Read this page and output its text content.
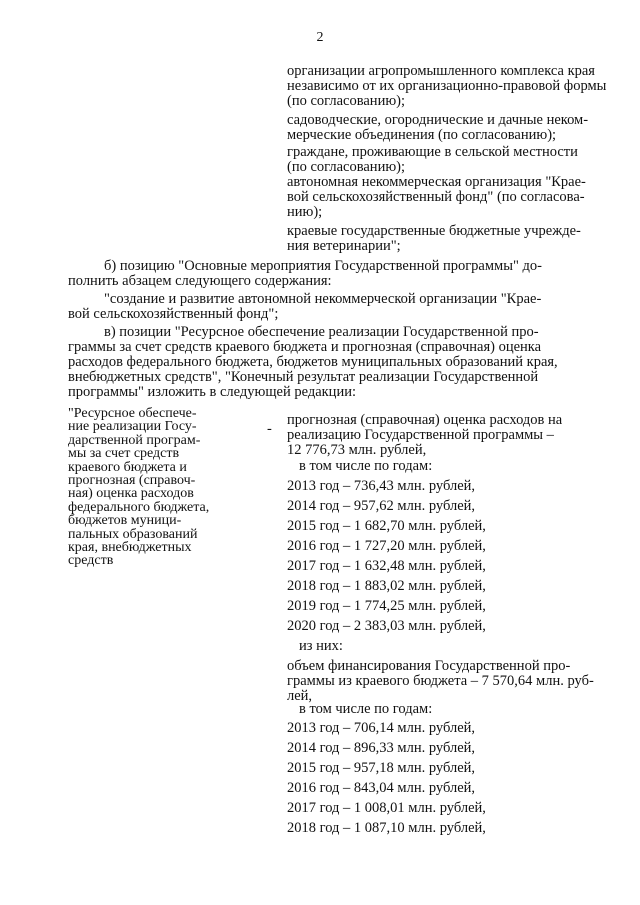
2
организации агропромышленного комплекса края
независимо от их организационно-правовой формы
(по согласованию);
садоводческие, огороднические и дачные неком-
мерческие объединения (по согласованию);
граждане, проживающие в сельской местности
(по согласованию);
автономная некоммерческая организация "Крае-
вой сельскохозяйственный фонд" (по согласова-
нию);
краевые государственные бюджетные учрежде-
ния ветеринарии";
б) позицию "Основные мероприятия Государственной программы" до-
полнить абзацем следующего содержания:
"создание и развитие автономной некоммерческой организации "Крае-
вой сельскохозяйственный фонд";
в) позиции "Ресурсное обеспечение реализации Государственной про-
граммы за счет средств краевого бюджета и прогнозная (справочная) оценка
расходов федерального бюджета, бюджетов муниципальных образований края,
внебюджетных средств", "Конечный результат реализации Государственной
программы" изложить в следующей редакции:
"Ресурсное обеспече-
ние реализации Госу-
дарственной програм-
мы за счет средств
краевого бюджета и
прогнозная (справоч-
ная) оценка расходов
федерального бюджета,
бюджетов муници-
пальных образований
края, внебюджетных
средств
-
прогнозная (справочная) оценка расходов на
реализацию Государственной программы –
12 776,73 млн. рублей,
в том числе по годам:
2013 год – 736,43 млн. рублей,
2014 год – 957,62 млн. рублей,
2015 год – 1 682,70 млн. рублей,
2016 год – 1 727,20 млн. рублей,
2017 год – 1 632,48 млн. рублей,
2018 год – 1 883,02 млн. рублей,
2019 год – 1 774,25 млн. рублей,
2020 год – 2 383,03 млн. рублей,
из них:
объем финансирования Государственной про-
граммы из краевого бюджета – 7 570,64 млн. руб-
лей,
в том числе по годам:
2013 год – 706,14 млн. рублей,
2014 год – 896,33 млн. рублей,
2015 год – 957,18 млн. рублей,
2016 год – 843,04 млн. рублей,
2017 год – 1 008,01 млн. рублей,
2018 год – 1 087,10 млн. рублей,
